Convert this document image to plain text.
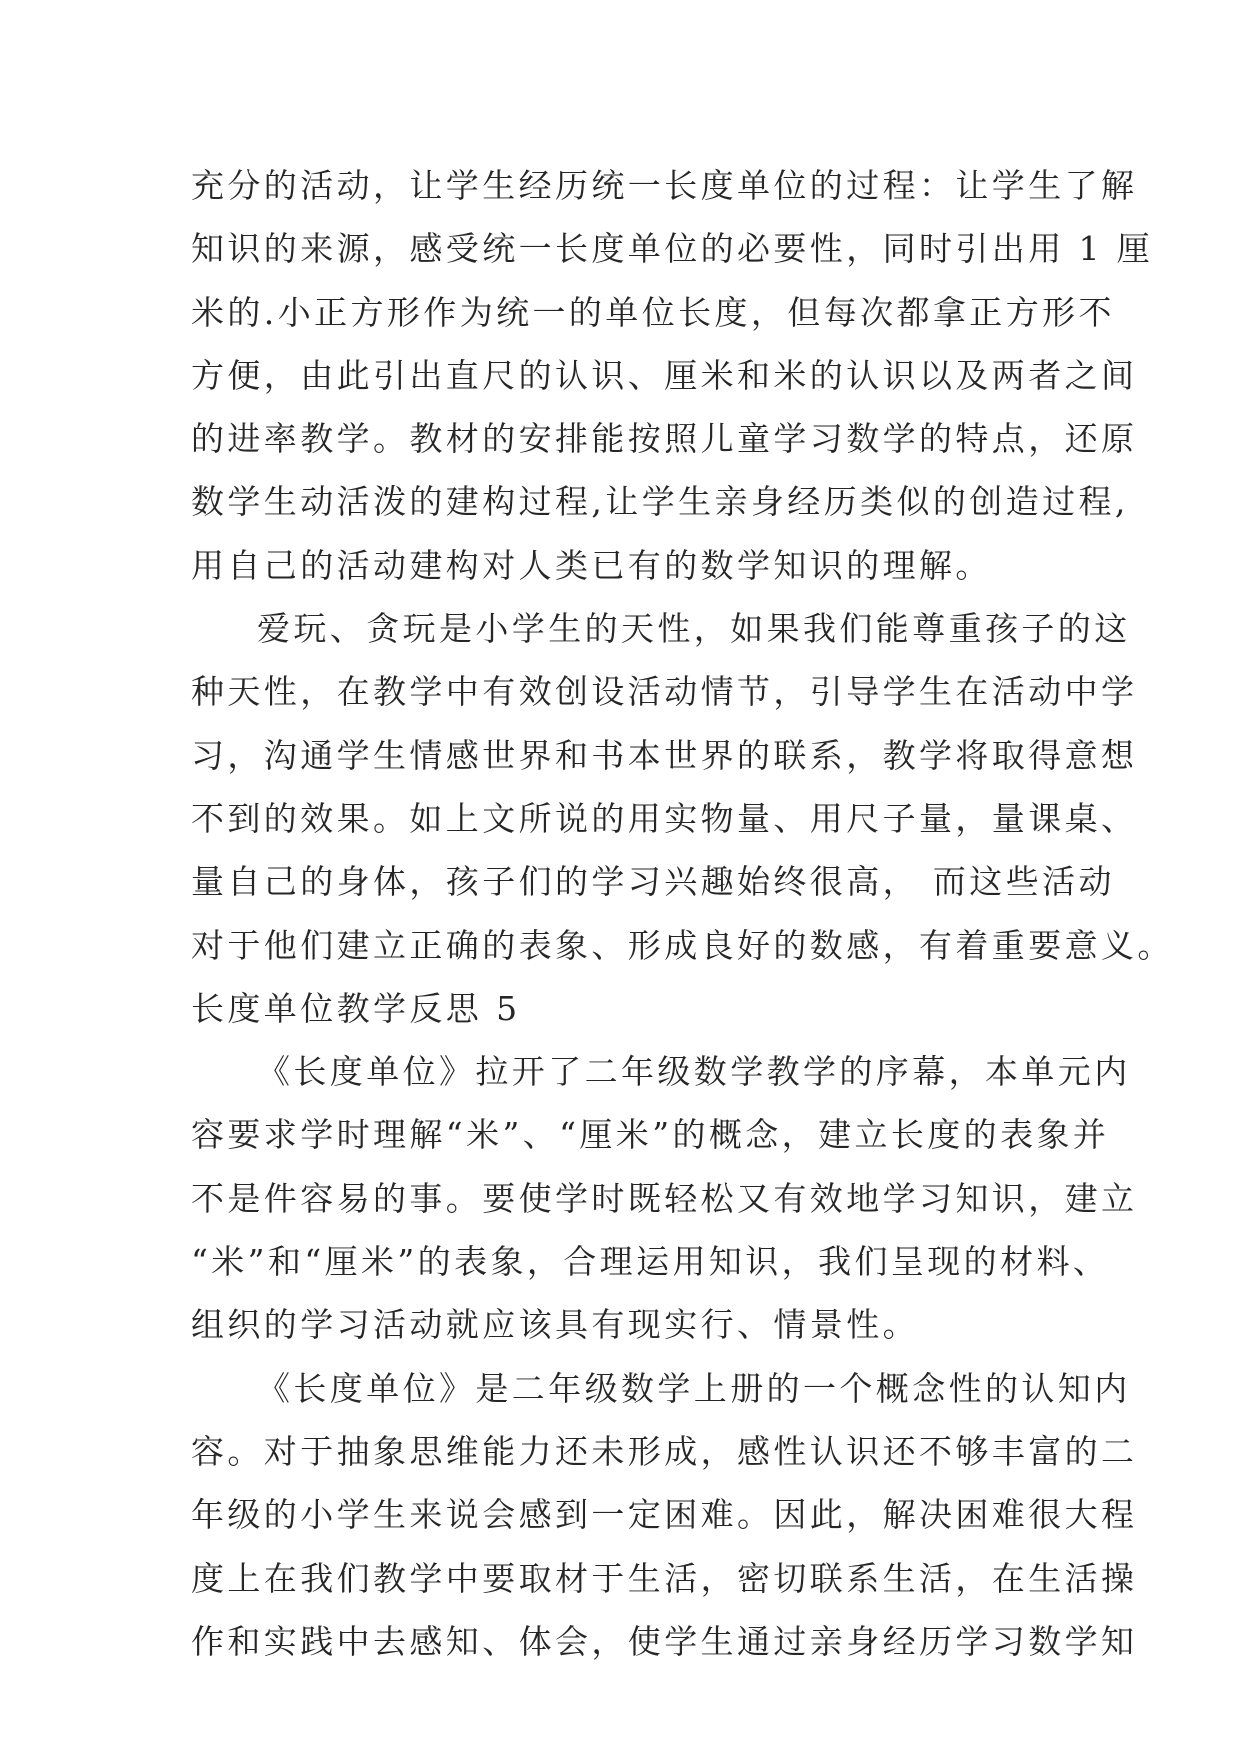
充分的活动，让学生经历统一长度单位的过程：让学生了解
知识的来源，感受统一长度单位的必要性，同时引出用 1 厘
米的.小正方形作为统一的单位长度，但每次都拿正方形不
方便，由此引出直尺的认识、厘米和米的认识以及两者之间
的进率教学。教材的安排能按照儿童学习数学的特点，还原
数学生动活泼的建构过程,让学生亲身经历类似的创造过程,
用自己的活动建构对人类已有的数学知识的理解。
爱玩、贪玩是小学生的天性，如果我们能尊重孩子的这
种天性，在教学中有效创设活动情节，引导学生在活动中学
习，沟通学生情感世界和书本世界的联系，教学将取得意想
不到的效果。如上文所说的用实物量、用尺子量，量课桌、
量自己的身体，孩子们的学习兴趣始终很高， 而这些活动
对于他们建立正确的表象、形成良好的数感，有着重要意义。
长度单位教学反思 5
《长度单位》拉开了二年级数学教学的序幕，本单元内
容要求学时理解“米”、“厘米”的概念，建立长度的表象并
不是件容易的事。要使学时既轻松又有效地学习知识，建立
“米”和“厘米”的表象，合理运用知识，我们呈现的材料、
组织的学习活动就应该具有现实行、情景性。
《长度单位》是二年级数学上册的一个概念性的认知内
容。对于抽象思维能力还未形成，感性认识还不够丰富的二
年级的小学生来说会感到一定困难。因此，解决困难很大程
度上在我们教学中要取材于生活，密切联系生活，在生活操
作和实践中去感知、体会，使学生通过亲身经历学习数学知
